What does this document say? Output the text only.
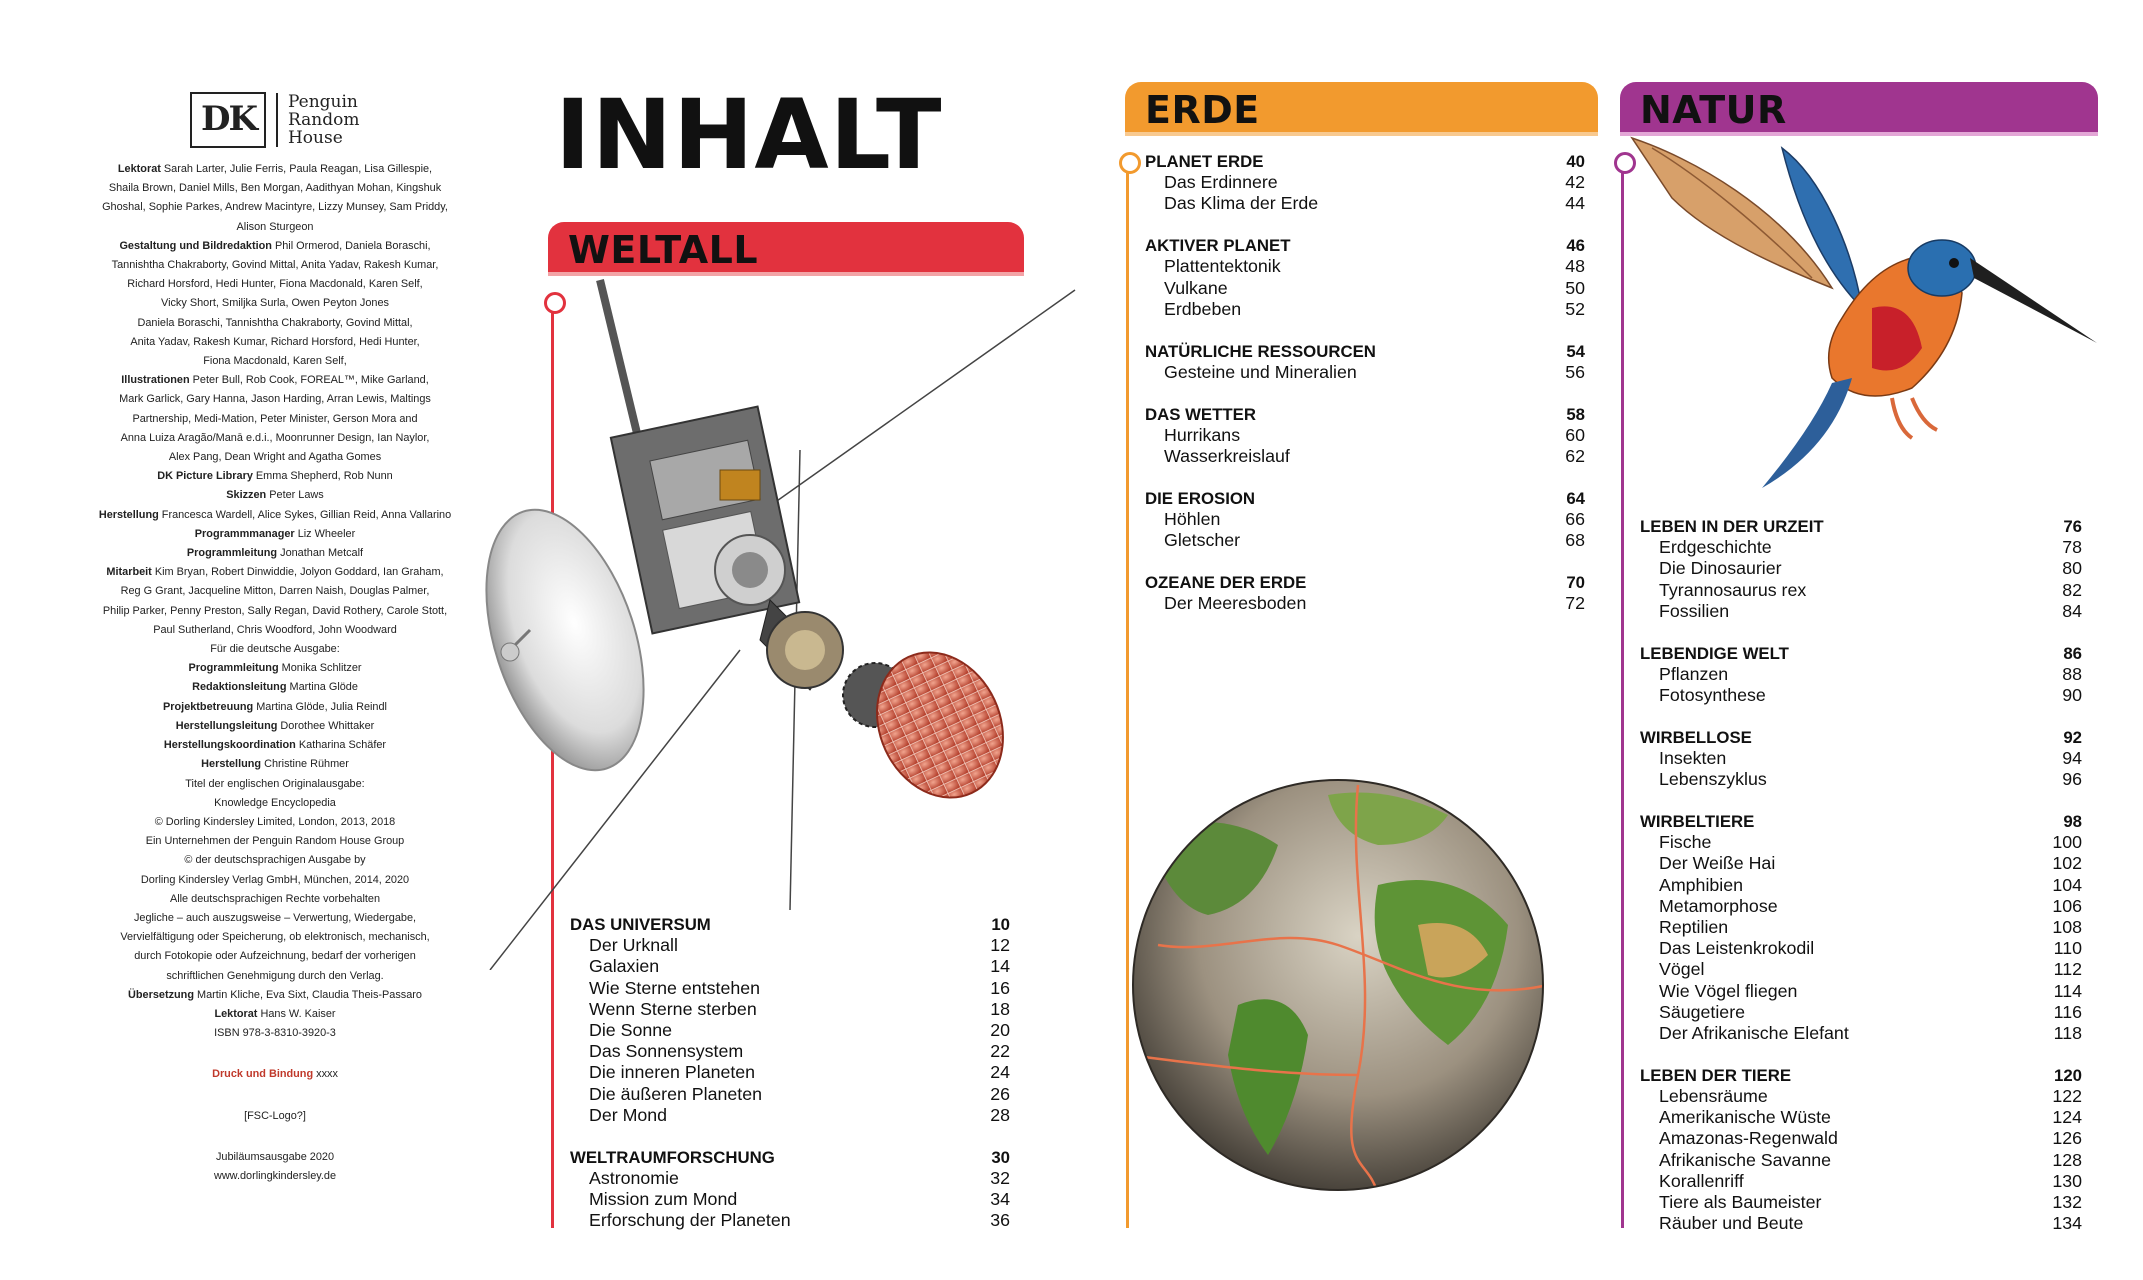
DK Penguin
Random
House
Lektorat Sarah Larter, Julie Ferris, Paula Reagan, Lisa Gillespie,
Shaila Brown, Daniel Mills, Ben Morgan, Aadithyan Mohan, Kingshuk
Ghoshal, Sophie Parkes, Andrew Macintyre, Lizzy Munsey, Sam Priddy,
Alison Sturgeon
Gestaltung und Bildredaktion Phil Ormerod, Daniela Boraschi,
Tannishtha Chakraborty, Govind Mittal, Anita Yadav, Rakesh Kumar,
Richard Horsford, Hedi Hunter, Fiona Macdonald, Karen Self,
Vicky Short, Smiljka Surla, Owen Peyton Jones
Daniela Boraschi, Tannishtha Chakraborty, Govind Mittal,
Anita Yadav, Rakesh Kumar, Richard Horsford, Hedi Hunter,
Fiona Macdonald, Karen Self,
Illustrationen Peter Bull, Rob Cook, FOREAL™, Mike Garland,
Mark Garlick, Gary Hanna, Jason Harding, Arran Lewis, Maltings
Partnership, Medi-Mation, Peter Minister, Gerson Mora and
Anna Luiza Aragão/Manā e.d.i., Moonrunner Design, Ian Naylor,
Alex Pang, Dean Wright and Agatha Gomes
DK Picture Library Emma Shepherd, Rob Nunn
Skizzen Peter Laws
Herstellung Francesca Wardell, Alice Sykes, Gillian Reid, Anna Vallarino
Programmmanager Liz Wheeler
Programmleitung Jonathan Metcalf
Mitarbeit Kim Bryan, Robert Dinwiddie, Jolyon Goddard, Ian Graham,
Reg G Grant, Jacqueline Mitton, Darren Naish, Douglas Palmer,
Philip Parker, Penny Preston, Sally Regan, David Rothery, Carole Stott,
Paul Sutherland, Chris Woodford, John Woodward
Für die deutsche Ausgabe:
Programmleitung Monika Schlitzer
Redaktionsleitung Martina Glöde
Projektbetreuung Martina Glöde, Julia Reindl
Herstellungsleitung Dorothee Whittaker
Herstellungskoordination Katharina Schäfer
Herstellung Christine Rühmer
Titel der englischen Originalausgabe:
Knowledge Encyclopedia
© Dorling Kindersley Limited, London, 2013, 2018
Ein Unternehmen der Penguin Random House Group
© der deutschsprachigen Ausgabe by
Dorling Kindersley Verlag GmbH, München, 2014, 2020
Alle deutschsprachigen Rechte vorbehalten
Jegliche – auch auszugsweise – Verwertung, Wiedergabe,
Vervielfältigung oder Speicherung, ob elektronisch, mechanisch,
durch Fotokopie oder Aufzeichnung, bedarf der vorherigen
schriftlichen Genehmigung durch den Verlag.
Übersetzung Martin Kliche, Eva Sixt, Claudia Theis-Passaro
Lektorat Hans W. Kaiser
ISBN 978-3-8310-3920-3
Druck und Bindung xxxx
[FSC-Logo?]
Jubiläumsausgabe 2020
www.dorlingkindersley.de
INHALT
WELTALL
DAS UNIVERSUM	10
Der Urknall	12
Galaxien	14
Wie Sterne entstehen	16
Wenn Sterne sterben	18
Die Sonne	20
Das Sonnensystem	22
Die inneren Planeten	24
Die äußeren Planeten	26
Der Mond	28
WELTRAUMFORSCHUNG	30
Astronomie	32
Mission zum Mond	34
Erforschung der Planeten	36
ERDE
PLANET ERDE	40
Das Erdinnere	42
Das Klima der Erde	44
AKTIVER PLANET	46
Plattentektonik	48
Vulkane	50
Erdbeben	52
NATÜRLICHE RESSOURCEN	54
Gesteine und Mineralien	56
DAS WETTER	58
Hurrikans	60
Wasserkreislauf	62
DIE EROSION	64
Höhlen	66
Gletscher	68
OZEANE DER ERDE	70
Der Meeresboden	72
NATUR
LEBEN IN DER URZEIT	76
Erdgeschichte	78
Die Dinosaurier	80
Tyrannosaurus rex	82
Fossilien	84
LEBENDIGE WELT	86
Pflanzen	88
Fotosynthese	90
WIRBELLOSE	92
Insekten	94
Lebenszyklus	96
WIRBELTIERE	98
Fische	100
Der Weiße Hai	102
Amphibien	104
Metamorphose	106
Reptilien	108
Das Leistenkrokodil	110
Vögel	112
Wie Vögel fliegen	114
Säugetiere	116
Der Afrikanische Elefant	118
LEBEN DER TIERE	120
Lebensräume	122
Amerikanische Wüste	124
Amazonas-Regenwald	126
Afrikanische Savanne	128
Korallenriff	130
Tiere als Baumeister	132
Räuber und Beute	134
